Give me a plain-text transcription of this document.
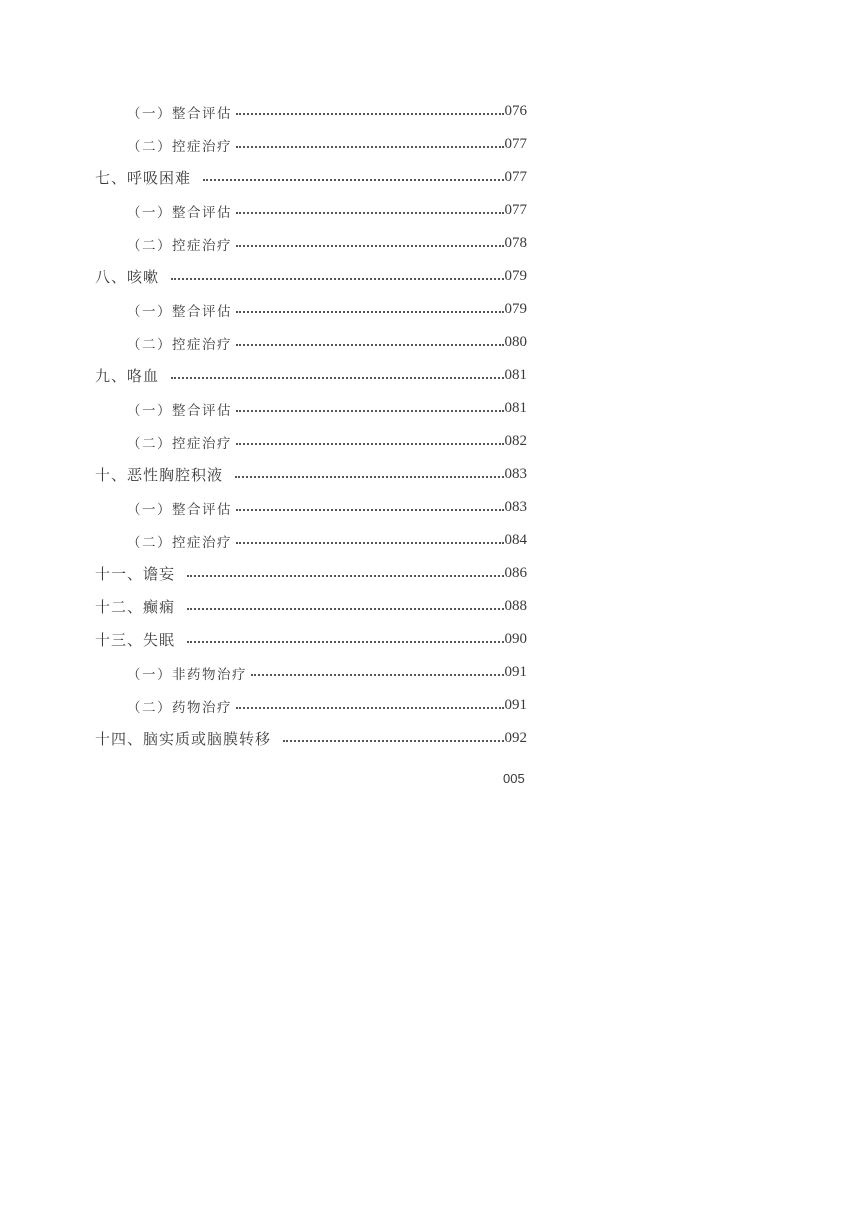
（一）整合评估	076
（二）控症治疗	077
七、呼吸困难	077
（一）整合评估	077
（二）控症治疗	078
八、咳嗽	079
（一）整合评估	079
（二）控症治疗	080
九、咯血	081
（一）整合评估	081
（二）控症治疗	082
十、恶性胸腔积液	083
（一）整合评估	083
（二）控症治疗	084
十一、谵妄	086
十二、癫痫	088
十三、失眠	090
（一）非药物治疗	091
（二）药物治疗	091
十四、脑实质或脑膜转移	092
005
